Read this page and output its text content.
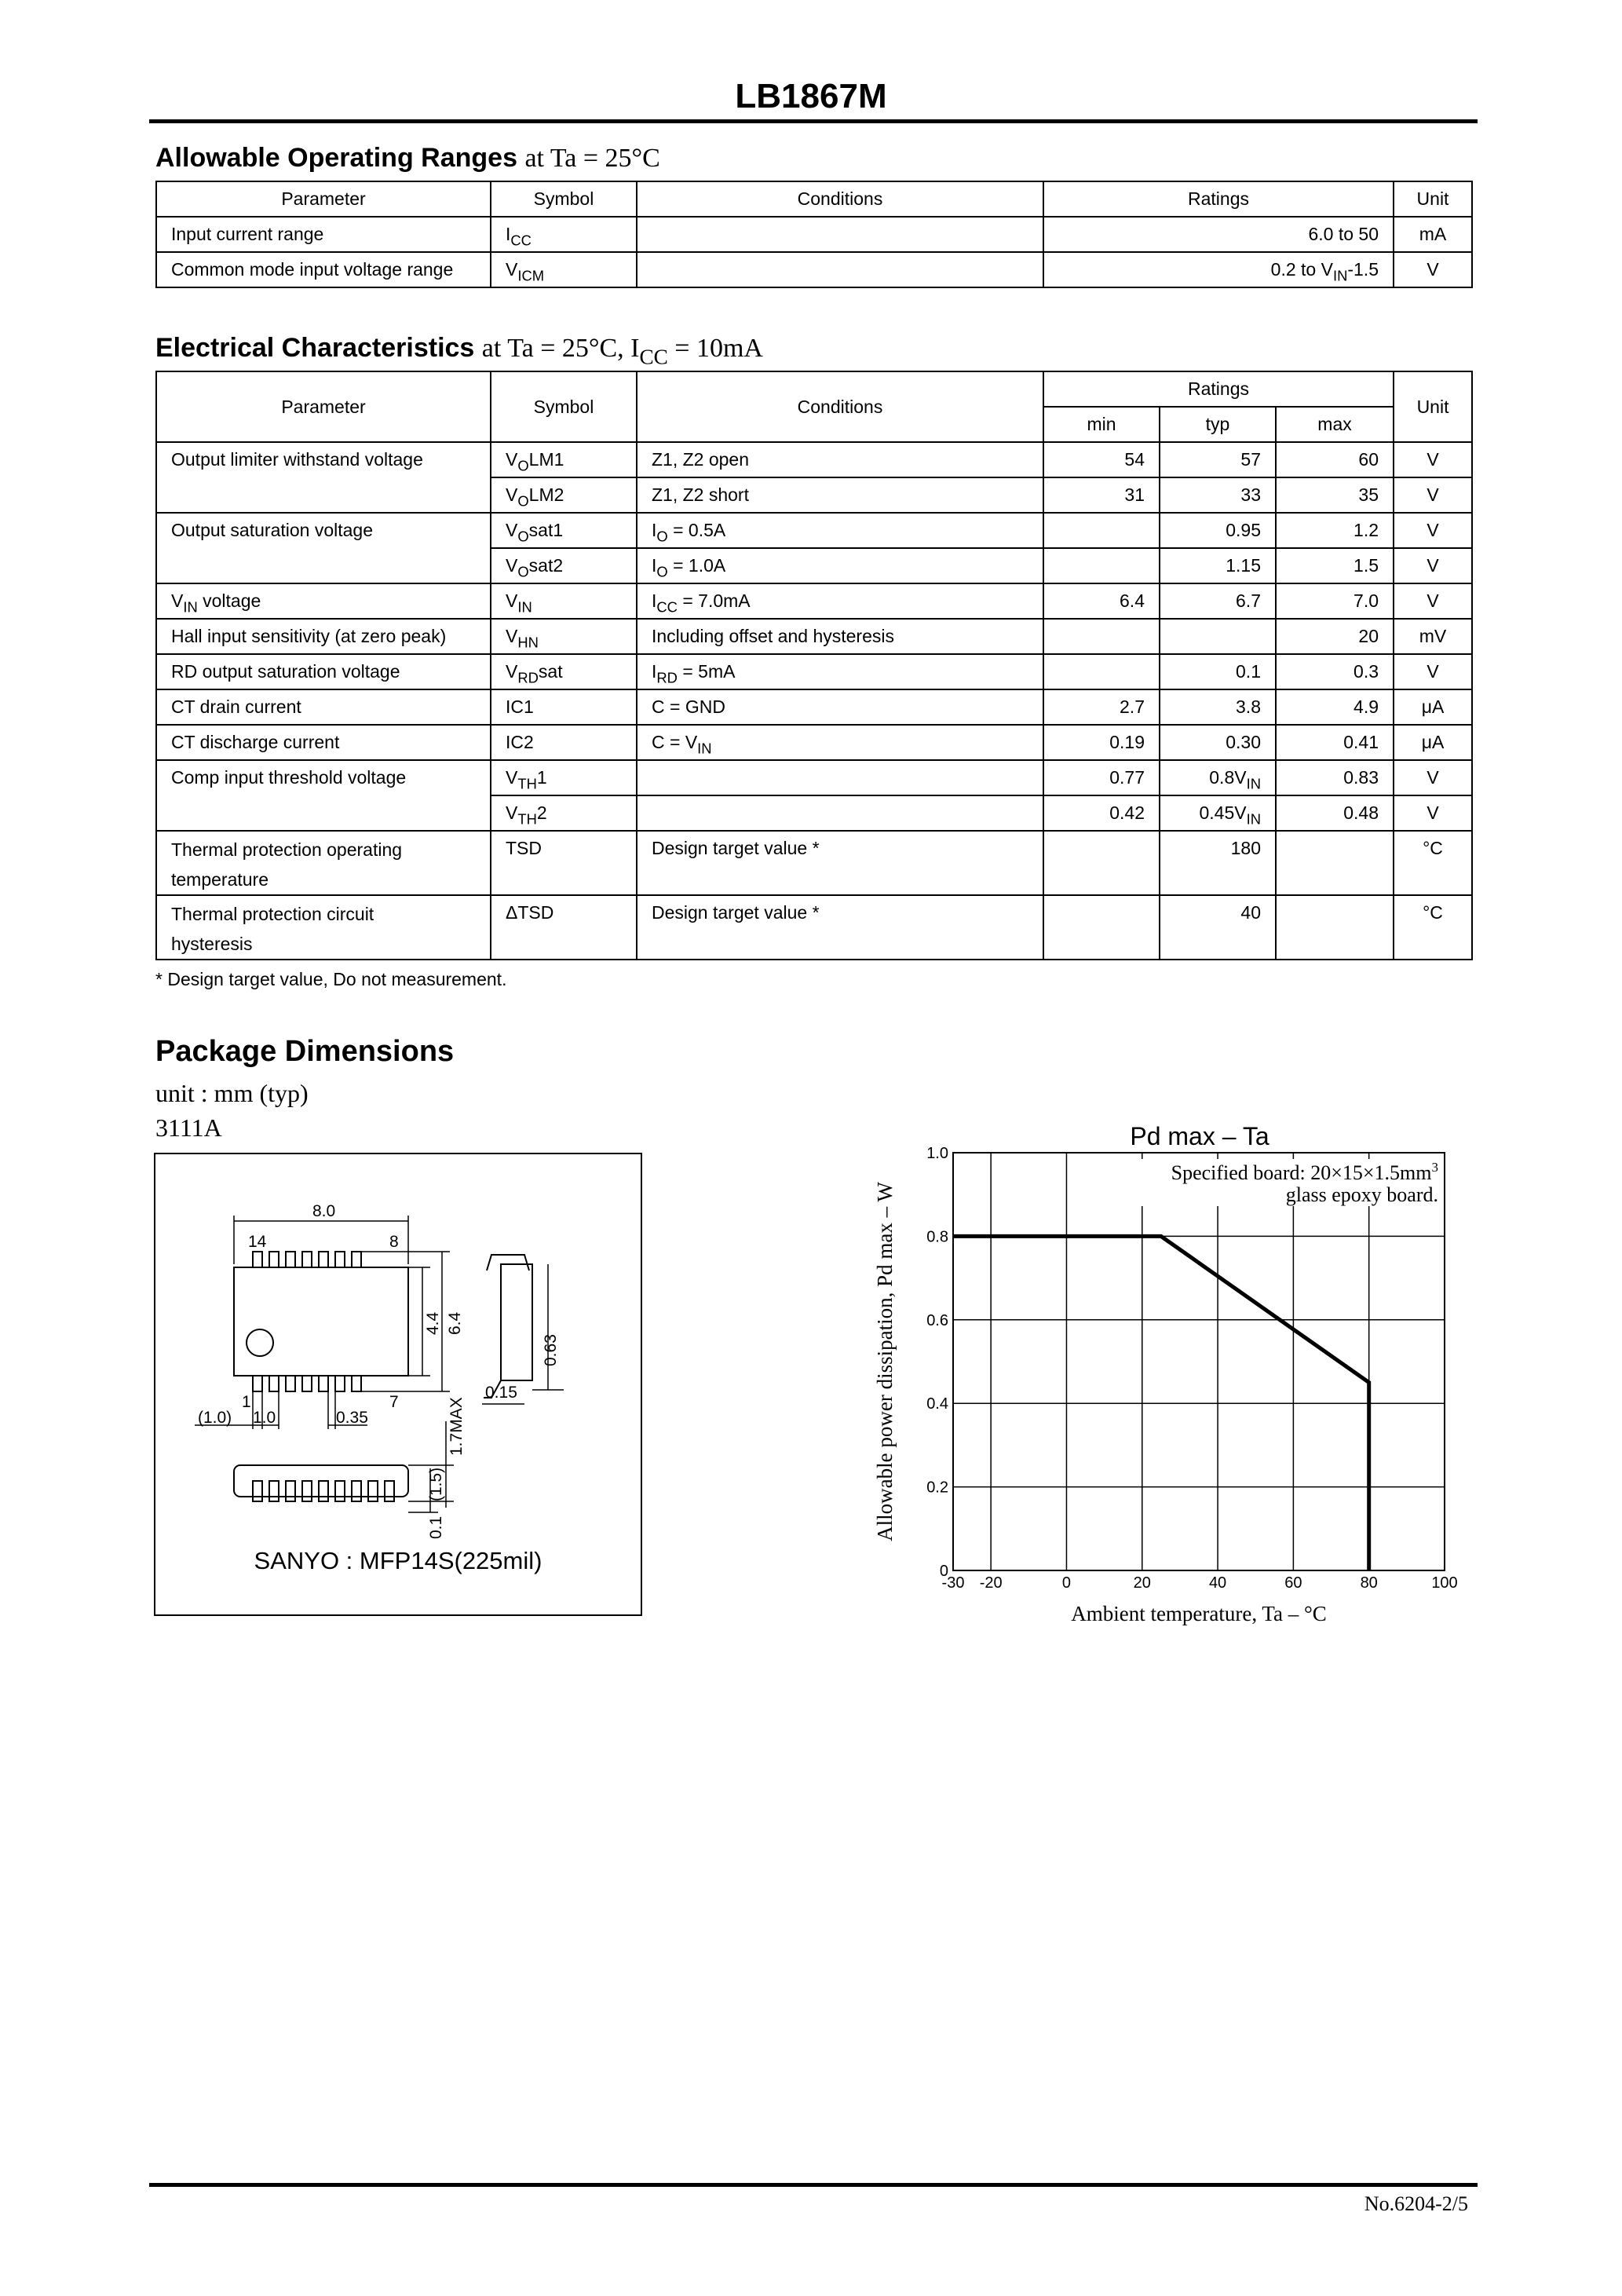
LB1867M
Allowable Operating Ranges at Ta = 25°C
Parameter	Symbol	Conditions	Ratings	Unit
Input current range	$I_{CC}$		6.0 to 50	mA
Common mode input voltage range	$V_{ICM}$		0.2 to $V_{IN}-1.5$	V
Electrical Characteristics at Ta = 25°C, $I_{CC} = 10mA$
Parameter	Symbol	Conditions	Ratings			Unit
			min	typ	max	
Output limiter withstand voltage	$V_OLM1$	Z1, Z2 open	54	57	60	V
	$V_OLM2$	Z1, Z2 short	31	33	35	V
Output saturation voltage	$V_Osat1$	$I_O = 0.5A$		0.95	1.2	V
	$V_Osat2$	$I_O = 1.0A$		1.15	1.5	V
$V_{IN}$ voltage	$V_{IN}$	$I_{CC} = 7.0mA$	6.4	6.7	7.0	V
Hall input sensitivity (at zero peak)	$V_{HN}$	Including offset and hysteresis			20	mV
RD output saturation voltage	$V_{RD}sat$	$I_{RD} = 5mA$		0.1	0.3	V
CT drain current	IC1	C = GND	2.7	3.8	4.9	μA
CT discharge current	IC2	$C = V_{IN}$	0.19	0.30	0.41	μA
Comp input threshold voltage	$V_{TH}1$		0.77	$0.8V_{IN}$	0.83	V
	$V_{TH}2$		0.42	$0.45V_{IN}$	0.48	V
Thermal protection operating
temperature	TSD	Design target value *		180		°C
Thermal protection circuit
hysteresis	ΔTSD	Design target value *		40		°C
* Design target value, Do not measurement.
Package Dimensions
unit : mm (typ)
3111A
8.0
14	8
1	7
(1.0) 1.0	0.35
0.15
4.4 6.4
0.63
1.7MAX
(1.5)
0.1
SANYO : MFP14S(225mil)
Pd max – Ta
-30 -20	0	20	40	60	80	100
0
0.2
0.4
0.6
0.8
1.0
Specified board: $20\times 15\times 1.5mm^3$
glass epoxy board.
Ambient temperature, Ta – °C
Allowable power dissipation, Pd max – W
No.6204-2/5
